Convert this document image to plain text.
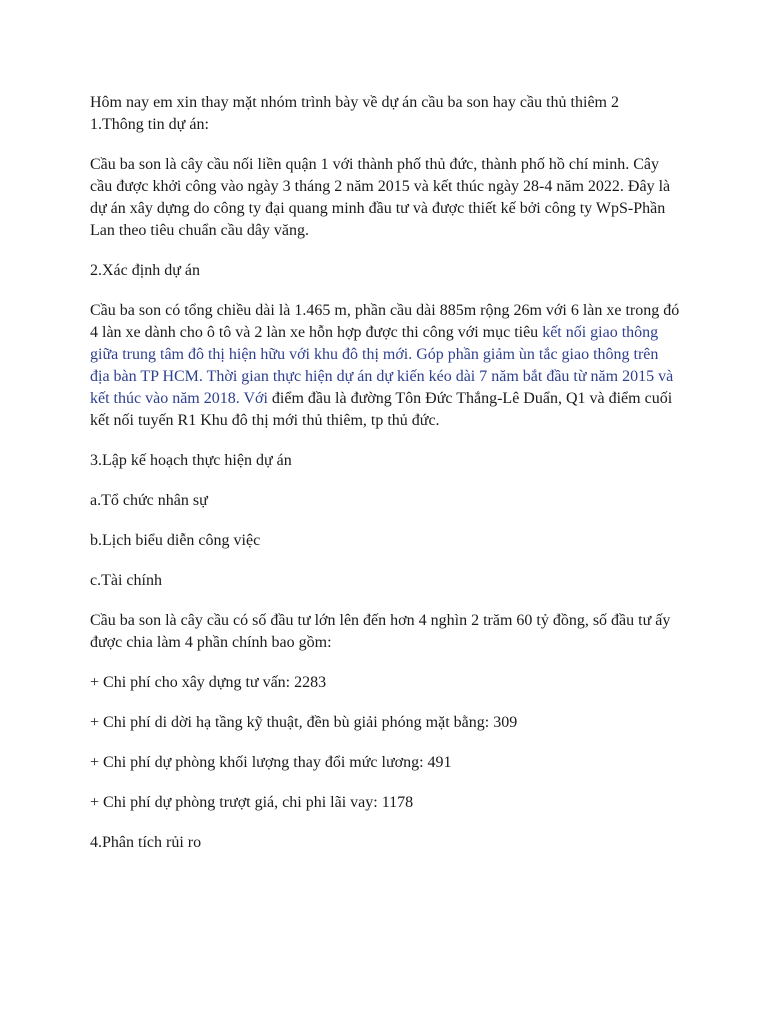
Hôm nay em xin thay mặt nhóm trình bày về dự án cầu ba son hay cầu thủ thiêm 2

1.Thông tin dự án:

Cầu ba son là cây cầu nối liền quận 1 với thành phố thủ đức, thành phố hồ chí minh. Cây cầu được khởi công vào ngày 3 tháng 2 năm 2015 và kết thúc ngày 28-4 năm 2022. Đây là dự án xây dựng do công ty đại quang minh đầu tư và được thiết kế bởi công ty WpS-Phần Lan theo tiêu chuẩn cầu dây văng.

2.Xác định dự án

Cầu ba son có tổng chiều dài là 1.465 m, phần cầu dài 885m rộng 26m với 6 làn xe trong đó 4 làn xe dành cho ô tô và 2 làn xe hỗn hợp được thi công với mục tiêu kết nối giao thông giữa trung tâm đô thị hiện hữu với khu đô thị mới. Góp phần giảm ùn tắc giao thông trên địa bàn TP HCM. Thời gian thực hiện dự án dự kiến kéo dài 7 năm bắt đầu từ năm 2015 và kết thúc vào năm 2018. Với điểm đầu là đường Tôn Đức Thắng-Lê Duẩn, Q1 và điểm cuối kết nối tuyến R1 Khu đô thị mới thủ thiêm, tp thủ đức.

3.Lập kế hoạch thực hiện dự án

a.Tổ chức nhân sự

b.Lịch biểu diễn công việc

c.Tài chính

Cầu ba son là cây cầu có số đầu tư lớn lên đến hơn 4 nghìn 2 trăm 60 tỷ đồng, số đầu tư ấy được chia làm 4 phần chính bao gồm:

+ Chi phí cho xây dựng tư vấn: 2283

+ Chi phí di dời hạ tầng kỹ thuật, đền bù giải phóng mặt bằng: 309

+ Chi phí dự phòng khối lượng thay đổi mức lương: 491

+ Chi phí dự phòng trượt giá, chi phi lãi vay: 1178

4.Phân tích rủi ro
